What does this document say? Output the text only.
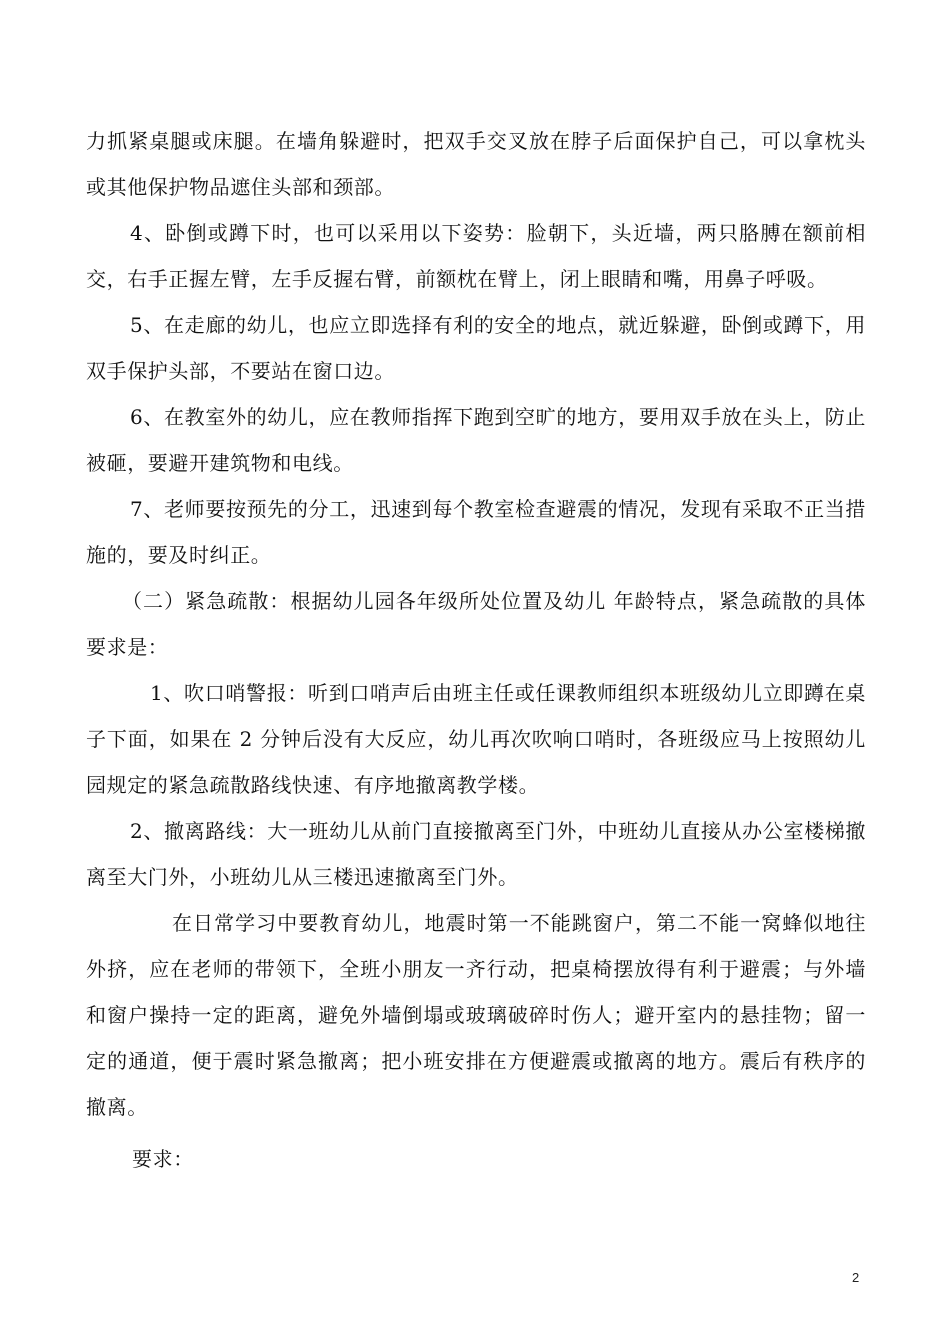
力抓紧桌腿或床腿。在墙角躲避时，把双手交叉放在脖子后面保护自己，可以拿枕头或其他保护物品遮住头部和颈部。

4、卧倒或蹲下时，也可以采用以下姿势：脸朝下，头近墙，两只胳膊在额前相交，右手正握左臂，左手反握右臂，前额枕在臂上，闭上眼睛和嘴，用鼻子呼吸。

5、在走廊的幼儿，也应立即选择有利的安全的地点，就近躲避，卧倒或蹲下，用双手保护头部，不要站在窗口边。

6、在教室外的幼儿，应在教师指挥下跑到空旷的地方，要用双手放在头上，防止被砸，要避开建筑物和电线。

7、老师要按预先的分工，迅速到每个教室检查避震的情况，发现有采取不正当措施的，要及时纠正。

（二）紧急疏散：根据幼儿园各年级所处位置及幼儿 年龄特点，紧急疏散的具体要求是：

1、吹口哨警报：听到口哨声后由班主任或任课教师组织本班级幼儿立即蹲在桌子下面，如果在 2 分钟后没有大反应，幼儿再次吹响口哨时，各班级应马上按照幼儿园规定的紧急疏散路线快速、有序地撤离教学楼。

2、撤离路线：大一班幼儿从前门直接撤离至门外，中班幼儿直接从办公室楼梯撤离至大门外，小班幼儿从三楼迅速撤离至门外。

在日常学习中要教育幼儿，地震时第一不能跳窗户，第二不能一窝蜂似地往外挤，应在老师的带领下，全班小朋友一齐行动，把桌椅摆放得有利于避震；与外墙和窗户操持一定的距离，避免外墙倒塌或玻璃破碎时伤人；避开室内的悬挂物；留一定的通道，便于震时紧急撤离；把小班安排在方便避震或撤离的地方。震后有秩序的撤离。

要求：

2
